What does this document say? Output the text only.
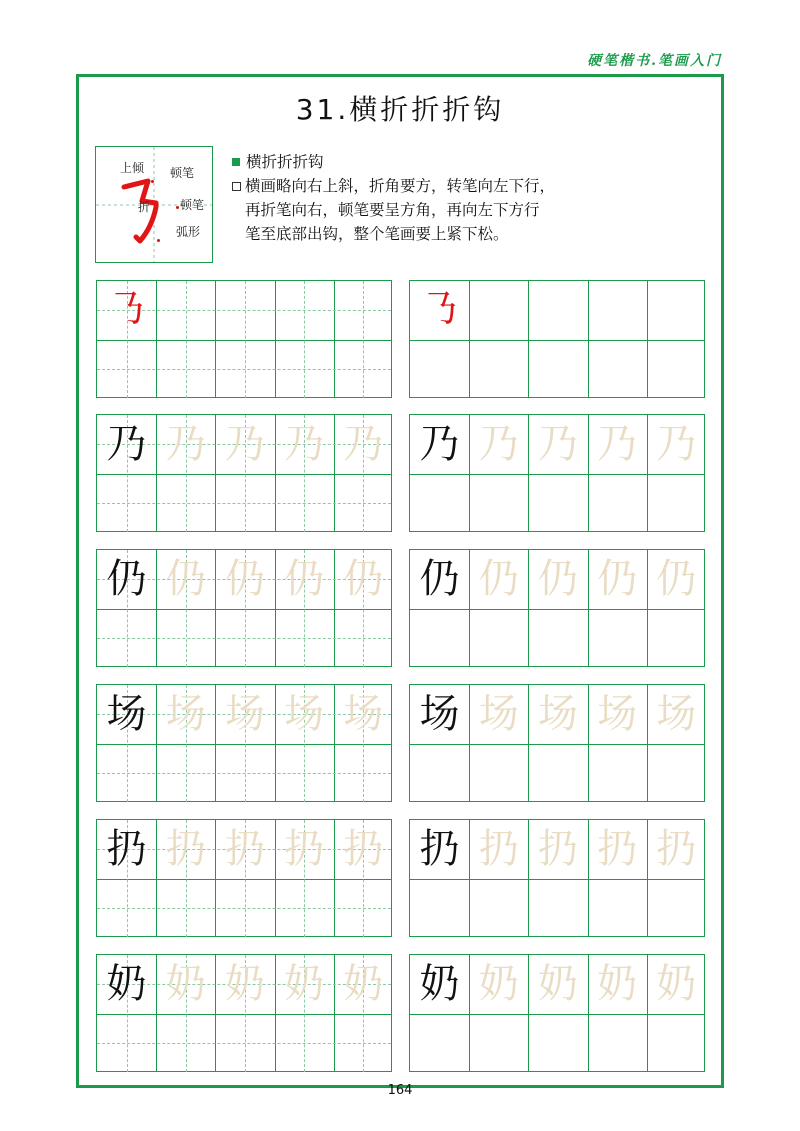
硬笔楷书.笔画入门
31.横折折折钩
上倾 顿笔
折 顿笔
弧形
横折折折钩
横画略向右上斜，折角要方，转笔向左下行，
再折笔向右，顿笔要呈方角，再向左下方行
笔至底部出钩，整个笔画要上紧下松。
㇡	㇡
乃 乃 乃 乃 乃 乃 乃 乃 乃 乃
仍 仍 仍 仍 仍 仍 仍 仍 仍 仍
场 场 场 场 场 场 场 场 场 场
扔 扔 扔 扔 扔 扔 扔 扔 扔 扔
奶 奶 奶 奶 奶 奶 奶 奶 奶 奶
164
